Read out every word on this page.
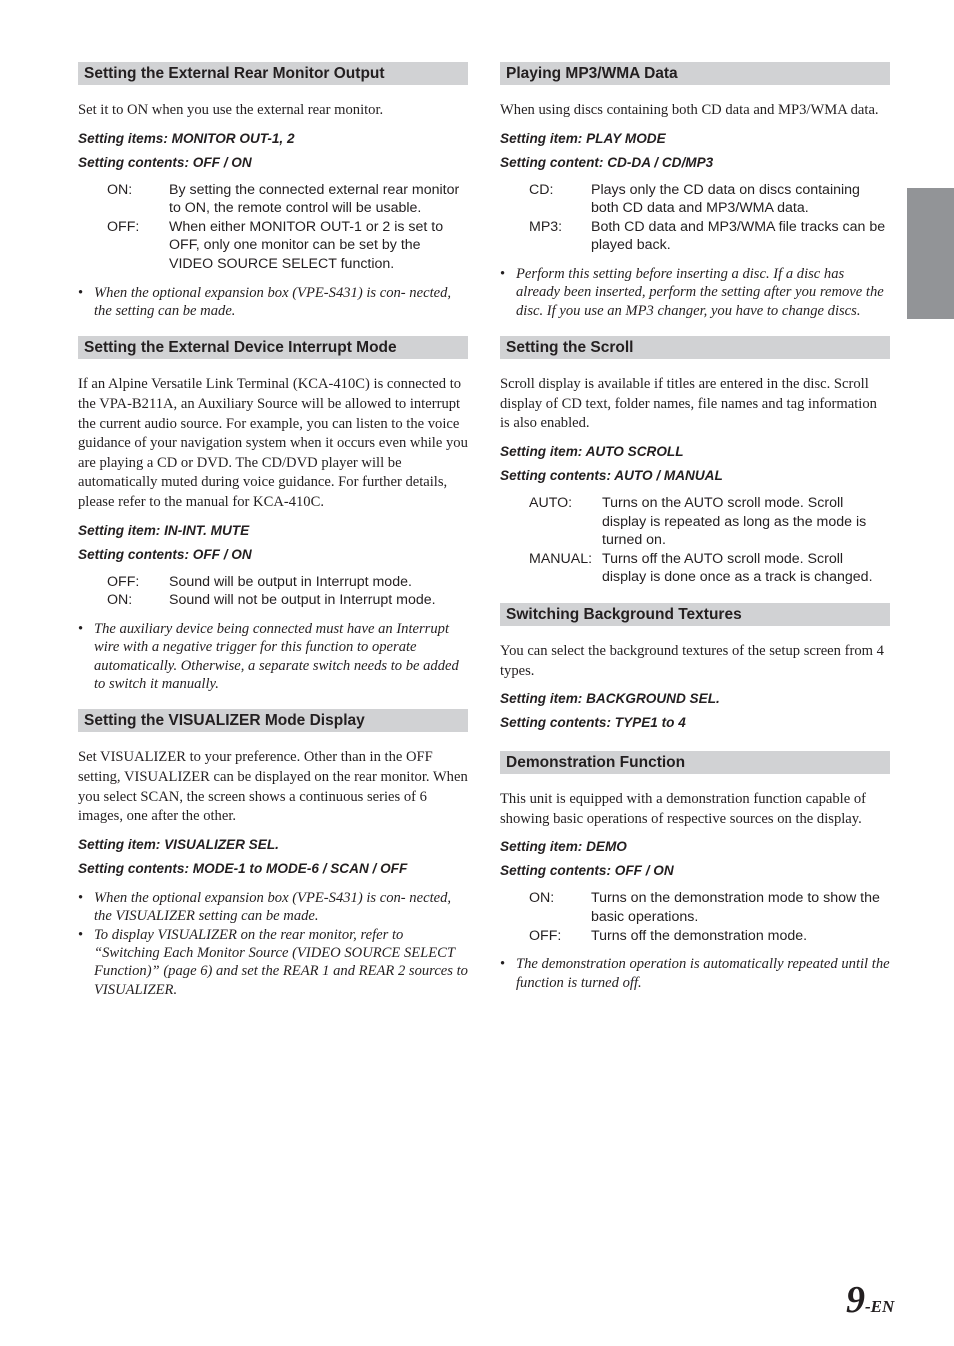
Setting the External Rear Monitor Output

Set it to ON when you use the external rear monitor.

Setting items: MONITOR OUT-1, 2

Setting contents: OFF / ON

ON:	By setting the connected external rear monitor to ON, the remote control will be usable.
OFF:	When either MONITOR OUT-1 or 2 is set to OFF, only one monitor can be set by the VIDEO SOURCE SELECT function.
• When the optional expansion box (VPE-S431) is con- nected, the setting can be made.
Setting the External Device Interrupt Mode

If an Alpine Versatile Link Terminal (KCA-410C) is connected to the VPA-B211A, an Auxiliary Source will be allowed to interrupt the current audio source. For example, you can listen to the voice guidance of your navigation system when it occurs even while you are playing a CD or DVD. The CD/DVD player will be automatically muted during voice guidance. For further details, please refer to the manual for KCA-410C.

Setting item: IN-INT. MUTE

Setting contents: OFF / ON

OFF:	Sound will be output in Interrupt mode.
ON:	Sound will not be output in Interrupt mode.
• The auxiliary device being connected must have an Interrupt wire with a negative trigger for this function to operate automatically. Otherwise, a separate switch needs to be added to switch it manually.
Setting the VISUALIZER Mode Display

Set VISUALIZER to your preference. Other than in the OFF setting, VISUALIZER can be displayed on the rear monitor. When you select SCAN, the screen shows a continuous series of 6 images, one after the other.

Setting item: VISUALIZER SEL.

Setting contents: MODE-1 to MODE-6 / SCAN / OFF

• When the optional expansion box (VPE-S431) is con- nected, the VISUALIZER setting can be made.
• To display VISUALIZER on the rear monitor, refer to “Switching Each Monitor Source (VIDEO SOURCE SELECT Function)” (page 6) and set the REAR 1 and REAR 2 sources to VISUALIZER.
Playing MP3/WMA Data

When using discs containing both CD data and MP3/WMA data.

Setting item: PLAY MODE

Setting content: CD-DA / CD/MP3

CD:	Plays only the CD data on discs containing both CD data and MP3/WMA data.
MP3:	Both CD data and MP3/WMA file tracks can be played back.
• Perform this setting before inserting a disc. If a disc has already been inserted, perform the setting after you remove the disc. If you use an MP3 changer, you have to change discs.
Setting the Scroll

Scroll display is available if titles are entered in the disc. Scroll display of CD text, folder names, file names and tag information is also enabled.

Setting item: AUTO SCROLL

Setting contents: AUTO / MANUAL

AUTO:	Turns on the AUTO scroll mode. Scroll display is repeated as long as the mode is turned on.
MANUAL: Turns off the AUTO scroll mode. Scroll display is done once as a track is changed.
Switching Background Textures

You can select the background textures of the setup screen from 4 types.

Setting item: BACKGROUND SEL.

Setting contents: TYPE1 to 4

Demonstration Function

This unit is equipped with a demonstration function capable of showing basic operations of respective sources on the display.

Setting item: DEMO

Setting contents: OFF / ON

ON:	Turns on the demonstration mode to show the basic operations.
OFF:	Turns off the demonstration mode.
• The demonstration operation is automatically repeated until the function is turned off.
9-EN
